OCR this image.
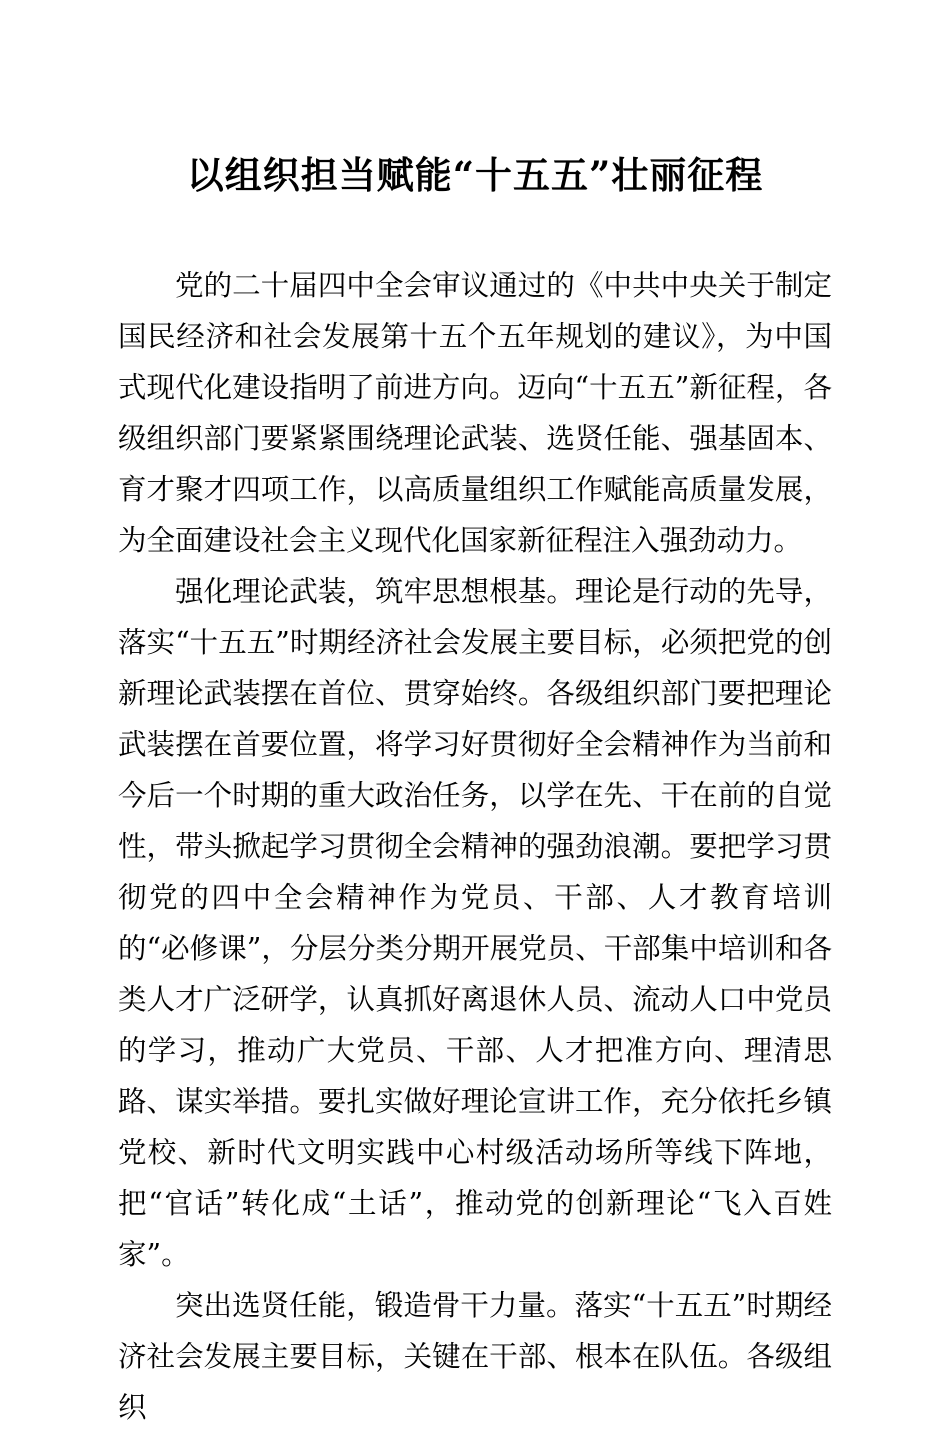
以组织担当赋能“十五五”壮丽征程

党的二十届四中全会审议通过的《中共中央关于制定国民经济和社会发展第十五个五年规划的建议》，为中国式现代化建设指明了前进方向。迈向“十五五”新征程，各级组织部门要紧紧围绕理论武装、选贤任能、强基固本、育才聚才四项工作，以高质量组织工作赋能高质量发展，为全面建设社会主义现代化国家新征程注入强劲动力。

强化理论武装，筑牢思想根基。理论是行动的先导，落实“十五五”时期经济社会发展主要目标，必须把党的创新理论武装摆在首位、贯穿始终。各级组织部门要把理论武装摆在首要位置，将学习好贯彻好全会精神作为当前和今后一个时期的重大政治任务，以学在先、干在前的自觉性，带头掀起学习贯彻全会精神的强劲浪潮。要把学习贯彻党的四中全会精神作为党员、干部、人才教育培训的“必修课”，分层分类分期开展党员、干部集中培训和各类人才广泛研学，认真抓好离退休人员、流动人口中党员的学习，推动广大党员、干部、人才把准方向、理清思路、谋实举措。要扎实做好理论宣讲工作，充分依托乡镇党校、新时代文明实践中心村级活动场所等线下阵地，把“官话”转化成“土话”，推动党的创新理论“飞入百姓家”。

突出选贤任能，锻造骨干力量。落实“十五五”时期经济社会发展主要目标，关键在干部、根本在队伍。各级组织
